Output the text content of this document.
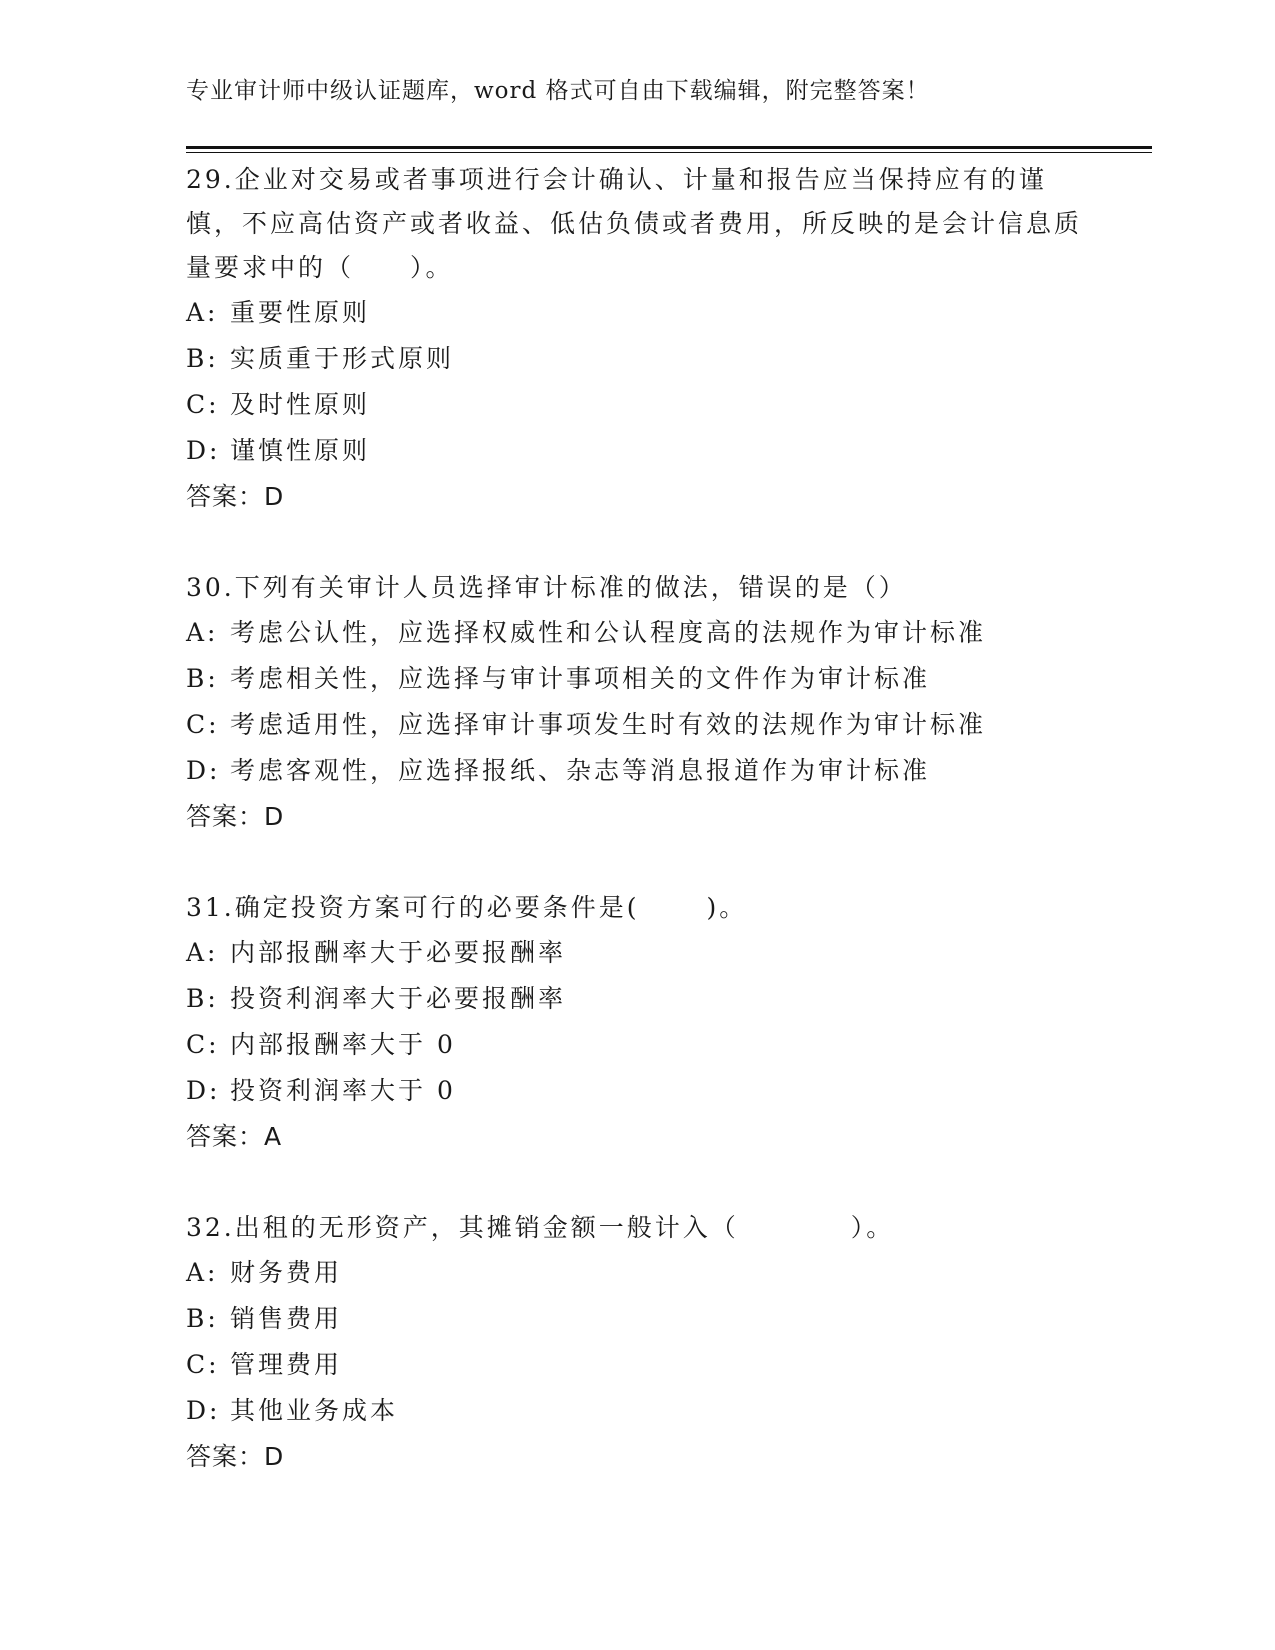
专业审计师中级认证题库，word 格式可自由下载编辑，附完整答案！
29.企业对交易或者事项进行会计确认、计量和报告应当保持应有的谨慎，不应高估资产或者收益、低估负债或者费用，所反映的是会计信息质量要求中的（　　）。
A: 重要性原则
B: 实质重于形式原则
C: 及时性原则
D: 谨慎性原则
答案：D
30.下列有关审计人员选择审计标准的做法，错误的是（）
A: 考虑公认性，应选择权威性和公认程度高的法规作为审计标准
B: 考虑相关性，应选择与审计事项相关的文件作为审计标准
C: 考虑适用性，应选择审计事项发生时有效的法规作为审计标准
D: 考虑客观性，应选择报纸、杂志等消息报道作为审计标准
答案：D
31.确定投资方案可行的必要条件是(　　 )。
A: 内部报酬率大于必要报酬率
B: 投资利润率大于必要报酬率
C: 内部报酬率大于 0
D: 投资利润率大于 0
答案：A
32.出租的无形资产，其摊销金额一般计入（　　　　）。
A: 财务费用
B: 销售费用
C: 管理费用
D: 其他业务成本
答案：D
